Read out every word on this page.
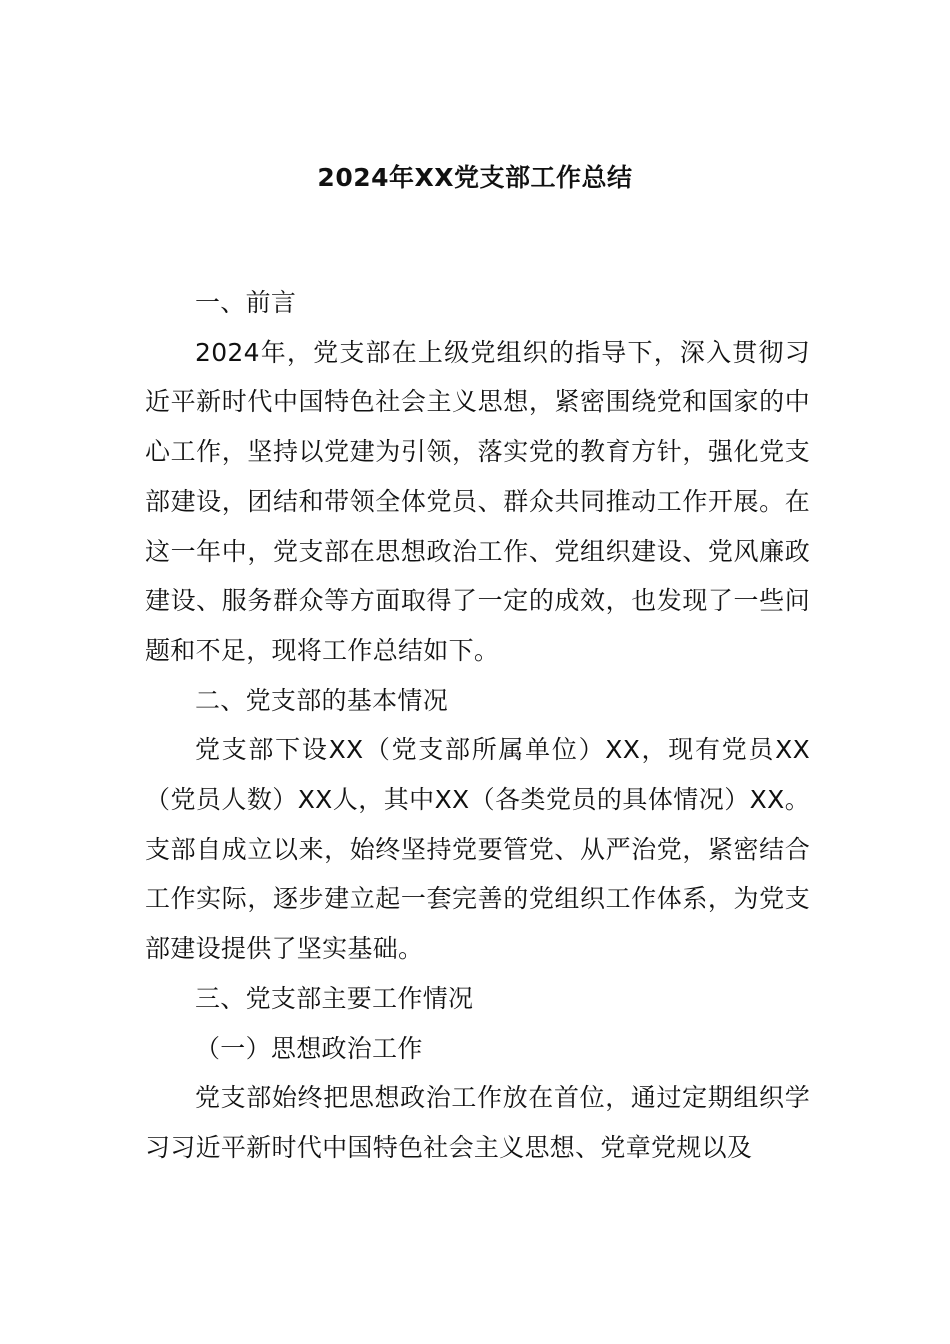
2024年XX党支部工作总结

一、前言

2024年，党支部在上级党组织的指导下，深入贯彻习近平新时代中国特色社会主义思想，紧密围绕党和国家的中心工作，坚持以党建为引领，落实党的教育方针，强化党支部建设，团结和带领全体党员、群众共同推动工作开展。在这一年中，党支部在思想政治工作、党组织建设、党风廉政建设、服务群众等方面取得了一定的成效，也发现了一些问题和不足，现将工作总结如下。

二、党支部的基本情况

党支部下设XX（党支部所属单位）XX，现有党员XX（党员人数）XX人，其中XX（各类党员的具体情况）XX。支部自成立以来，始终坚持党要管党、从严治党，紧密结合工作实际，逐步建立起一套完善的党组织工作体系，为党支部建设提供了坚实基础。

三、党支部主要工作情况

（一）思想政治工作

党支部始终把思想政治工作放在首位，通过定期组织学习习近平新时代中国特色社会主义思想、党章党规以及
